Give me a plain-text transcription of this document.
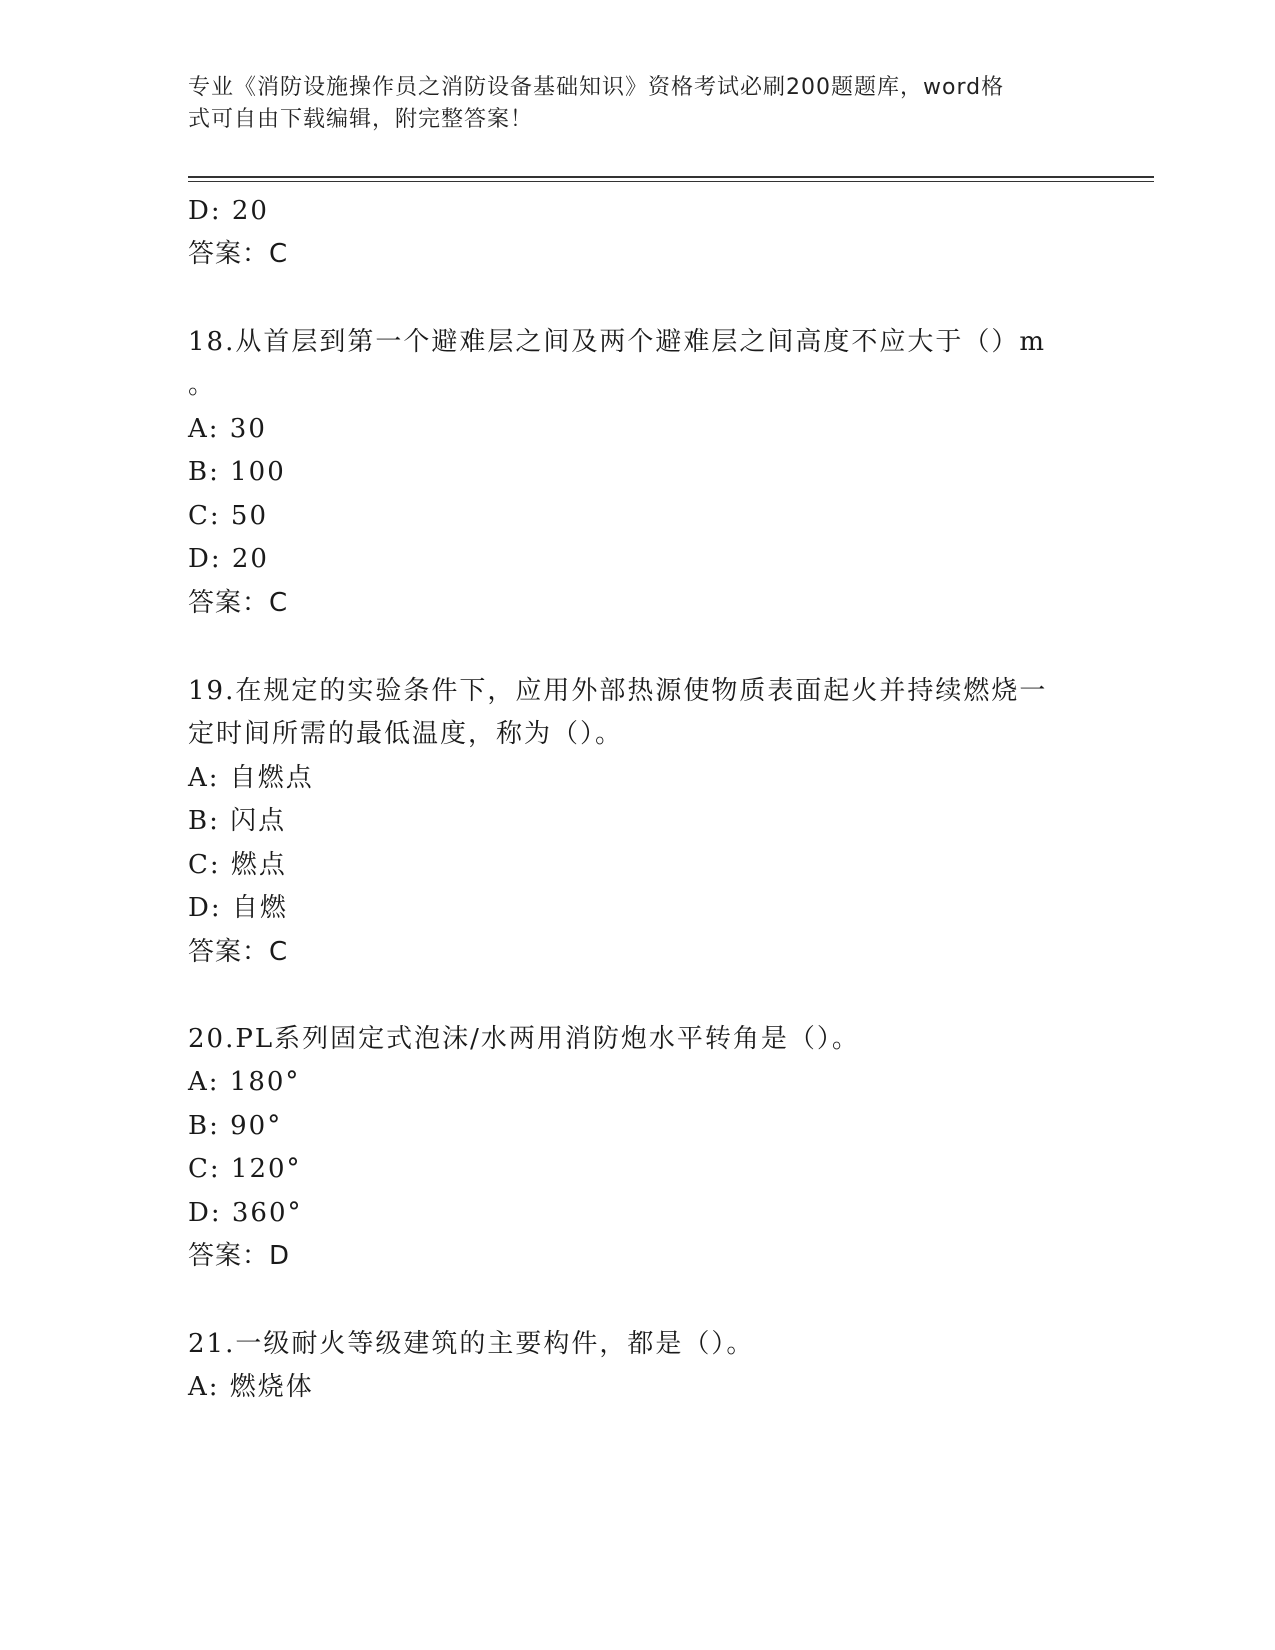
专业《消防设施操作员之消防设备基础知识》资格考试必刷200题题库，word格
式可自由下载编辑，附完整答案！
D: 20
答案：C
18.从首层到第一个避难层之间及两个避难层之间高度不应大于（）m
。
A: 30
B: 100
C: 50
D: 20
答案：C
19.在规定的实验条件下，应用外部热源使物质表面起火并持续燃烧一
定时间所需的最低温度，称为（）。
A: 自燃点
B: 闪点
C: 燃点
D: 自燃
答案：C
20.PL系列固定式泡沫/水两用消防炮水平转角是（）。
A: 180°
B: 90°
C: 120°
D: 360°
答案：D
21.一级耐火等级建筑的主要构件，都是（）。
A: 燃烧体
